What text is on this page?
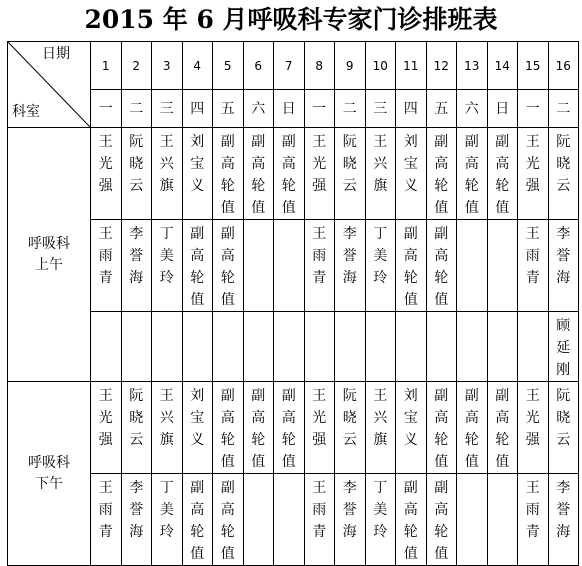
2015 年 6 月呼吸科专家门诊排班表
日期
科室	1	2	3	4	5	6	7	8	9	10	11	12	13	14	15	16
	一	二	三	四	五	六	日	一	二	三	四	五	六	日	一	二
呼吸科
上午	王光强	阮晓云	王兴旗	刘宝义	副高轮值	副高轮值	副高轮值	王光强	阮晓云	王兴旗	刘宝义	副高轮值	副高轮值	副高轮值	王光强	阮晓云
	王雨青	李誉海	丁美玲	副高轮值	副高轮值			王雨青	李誉海	丁美玲	副高轮值	副高轮值			王雨青	李誉海
																顾延刚
呼吸科
下午	王光强	阮晓云	王兴旗	刘宝义	副高轮值	副高轮值	副高轮值	王光强	阮晓云	王兴旗	刘宝义	副高轮值	副高轮值	副高轮值	王光强	阮晓云
	王雨青	李誉海	丁美玲	副高轮值	副高轮值			王雨青	李誉海	丁美玲	副高轮值	副高轮值			王雨青	李誉海
